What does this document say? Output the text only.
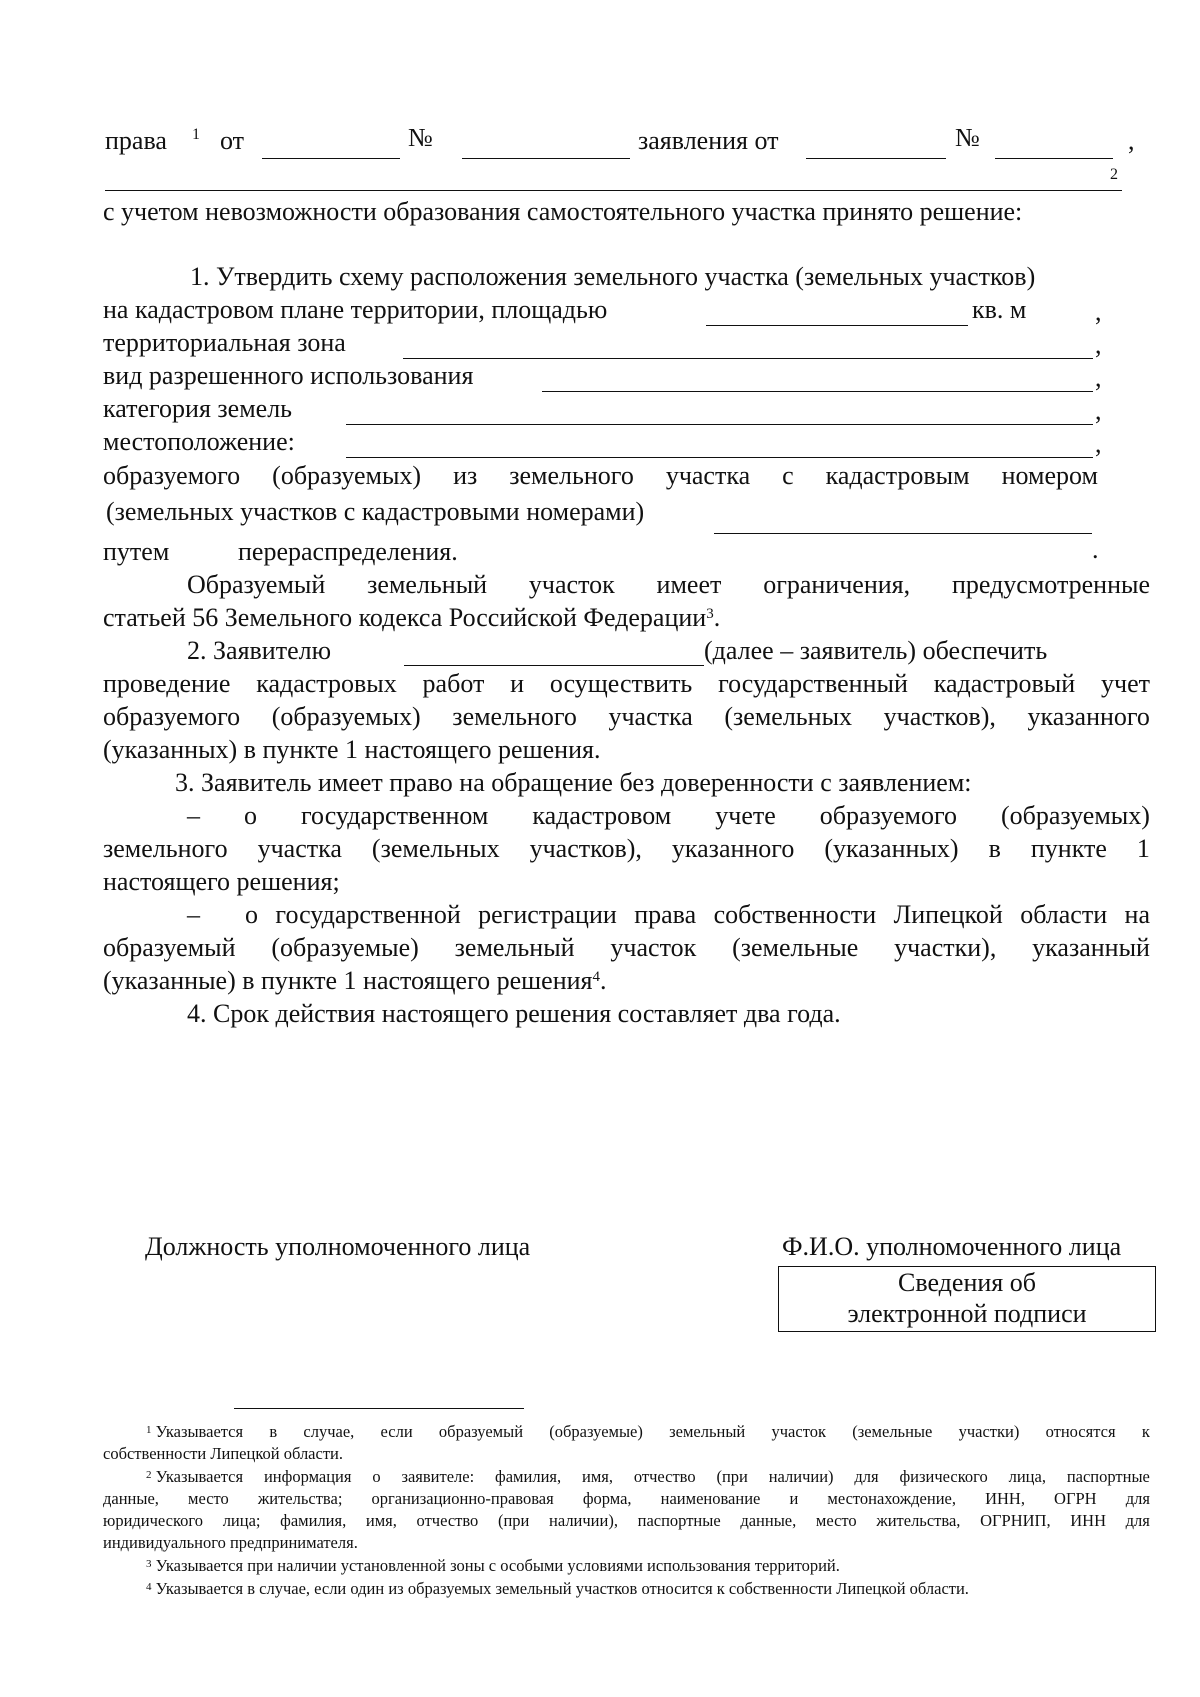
права 1 от	№	заявления от	№	,
2
с учетом невозможности образования самостоятельного участка принято решение:
1. Утвердить схему расположения земельного участка (земельных участков)
на кадастровом плане территории, площадью	кв. м	,
территориальная зона	,
вид разрешенного использования	,
категория земель	,
местоположение:	,
образуемого (образуемых) из земельного участка с кадастровым номером
(земельных участков с кадастровыми номерами)
путем	перераспределения.	.
Образуемый земельный участок имеет ограничения, предусмотренные
статьей 56 Земельного кодекса Российской Федерации$^3$.
2. Заявителю	(далее – заявитель) обеспечить
проведение кадастровых работ и осуществить государственный кадастровый учет
образуемого (образуемых) земельного участка (земельных участков), указанного
(указанных) в пункте 1 настоящего решения.
3. Заявитель имеет право на обращение без доверенности с заявлением:
– о государственном кадастровом учете образуемого (образуемых)
земельного участка (земельных участков), указанного (указанных) в пункте 1
настоящего решения;
– о государственной регистрации права собственности Липецкой области на
образуемый (образуемые) земельный участок (земельные участки), указанный
(указанные) в пункте 1 настоящего решения$^4$.
4. Срок действия настоящего решения составляет два года.
Должность уполномоченного лица	Ф.И.О. уполномоченного лица
Сведения об
электронной подписи
$^1$ Указывается в случае, если образуемый (образуемые) земельный участок (земельные участки) относятся к
собственности Липецкой области.
$^2$ Указывается информация о заявителе: фамилия, имя, отчество (при наличии) для физического лица, паспортные
данные, место жительства; организационно-правовая форма, наименование и местонахождение, ИНН, ОГРН для
юридического лица; фамилия, имя, отчество (при наличии), паспортные данные, место жительства, ОГРНИП, ИНН для
индивидуального предпринимателя.
$^3$ Указывается при наличии установленной зоны с особыми условиями использования территорий.
$^4$ Указывается в случае, если один из образуемых земельный участков относится к собственности Липецкой области.
